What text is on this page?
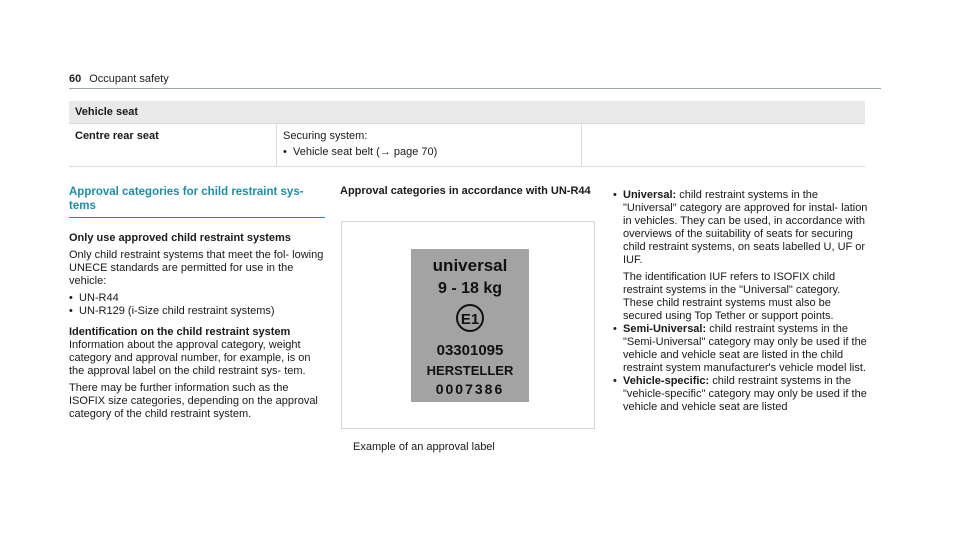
60 Occupant safety
Vehicle seat
Centre rear seat	Securing system:
• Vehicle seat belt (→ page 70)

Approval categories for child restraint sys-
tems
Only use approved child restraint systems

Only child restraint systems that meet the fol- lowing UNECE standards are permitted for use in the vehicle:

• UN-R44
• UN-R129 (i-Size child restraint systems)
Identification on the child restraint system

Information about the approval category, weight category and approval number, for example, is on the approval label on the child restraint sys- tem.

There may be further information such as the ISOFIX size categories, depending on the approval category of the child restraint system.

Approval categories in accordance with UN-R44
universal
9 - 18 kg
E1
03301095
HERSTELLER
0007386
Example of an approval label
• Universal: child restraint systems in the "Universal" category are approved for instal- lation in vehicles. They can be used, in accordance with overviews of the suitability of seats for securing child restraint systems, on seats labelled U, UF or IUF.

The identification IUF refers to ISOFIX child restraint systems in the "Universal" category. These child restraint systems must also be secured using Top Tether or support points.

• Semi-Universal: child restraint systems in the "Semi-Universal" category may only be used if the vehicle and vehicle seat are listed in the child restraint system manufacturer's vehicle model list.
• Vehicle-specific: child restraint systems in the "vehicle-specific" category may only be used if the vehicle and vehicle seat are listed
